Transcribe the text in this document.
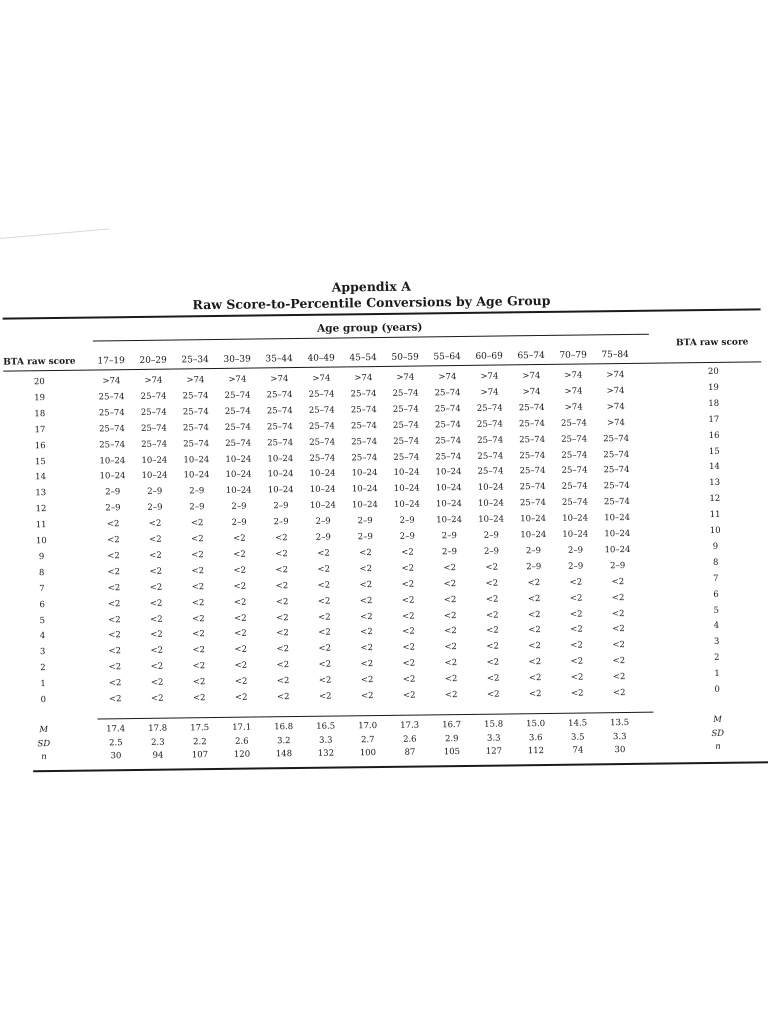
Appendix A
Raw Score-to-Percentile Conversions by Age Group
Age group (years)
BTA raw score
BTA raw score
17–19	20–29	25–34	30–39	35–44	40–49	45–54	50–59	55–64	60–69	65–74	70–79	75–84
20	>74	>74	>74	>74	>74	>74	>74	>74	>74	>74	>74	>74	>74	20
19	25–74	25–74	25–74	25–74	25–74	25–74	25–74	25–74	25–74	>74	>74	>74	>74	19
18	25–74	25–74	25–74	25–74	25–74	25–74	25–74	25–74	25–74	25–74	25–74	>74	>74	18
17	25–74	25–74	25–74	25–74	25–74	25–74	25–74	25–74	25–74	25–74	25–74	25–74	>74	17
16	25–74	25–74	25–74	25–74	25–74	25–74	25–74	25–74	25–74	25–74	25–74	25–74	25–74	16
15	10–24	10–24	10–24	10–24	10–24	25–74	25–74	25–74	25–74	25–74	25–74	25–74	25–74	15
14	10–24	10–24	10–24	10–24	10–24	10–24	10–24	10–24	10–24	25–74	25–74	25–74	25–74	14
13	2–9	2–9	2–9	10–24	10–24	10–24	10–24	10–24	10–24	10–24	25–74	25–74	25–74	13
12	2–9	2–9	2–9	2–9	2–9	10–24	10–24	10–24	10–24	10–24	25–74	25–74	25–74	12
11	<2	<2	<2	2–9	2–9	2–9	2–9	2–9	10–24	10–24	10–24	10–24	10–24	11
10	<2	<2	<2	<2	<2	2–9	2–9	2–9	2–9	2–9	10–24	10–24	10–24	10
9	<2	<2	<2	<2	<2	<2	<2	<2	2–9	2–9	2–9	2–9	10–24	9
8	<2	<2	<2	<2	<2	<2	<2	<2	<2	<2	2–9	2–9	2–9	8
7	<2	<2	<2	<2	<2	<2	<2	<2	<2	<2	<2	<2	<2	7
6	<2	<2	<2	<2	<2	<2	<2	<2	<2	<2	<2	<2	<2	6
5	<2	<2	<2	<2	<2	<2	<2	<2	<2	<2	<2	<2	<2	5
4	<2	<2	<2	<2	<2	<2	<2	<2	<2	<2	<2	<2	<2	4
3	<2	<2	<2	<2	<2	<2	<2	<2	<2	<2	<2	<2	<2	3
2	<2	<2	<2	<2	<2	<2	<2	<2	<2	<2	<2	<2	<2	2
1	<2	<2	<2	<2	<2	<2	<2	<2	<2	<2	<2	<2	<2	1
0	<2	<2	<2	<2	<2	<2	<2	<2	<2	<2	<2	<2	<2	0
M	17.4	17.8	17.5	17.1	16.8	16.5	17.0	17.3	16.7	15.8	15.0	14.5	13.5	M
SD	2.5	2.3	2.2	2.6	3.2	3.3	2.7	2.6	2.9	3.3	3.6	3.5	3.3	SD
n	30	94	107	120	148	132	100	87	105	127	112	74	30	n
